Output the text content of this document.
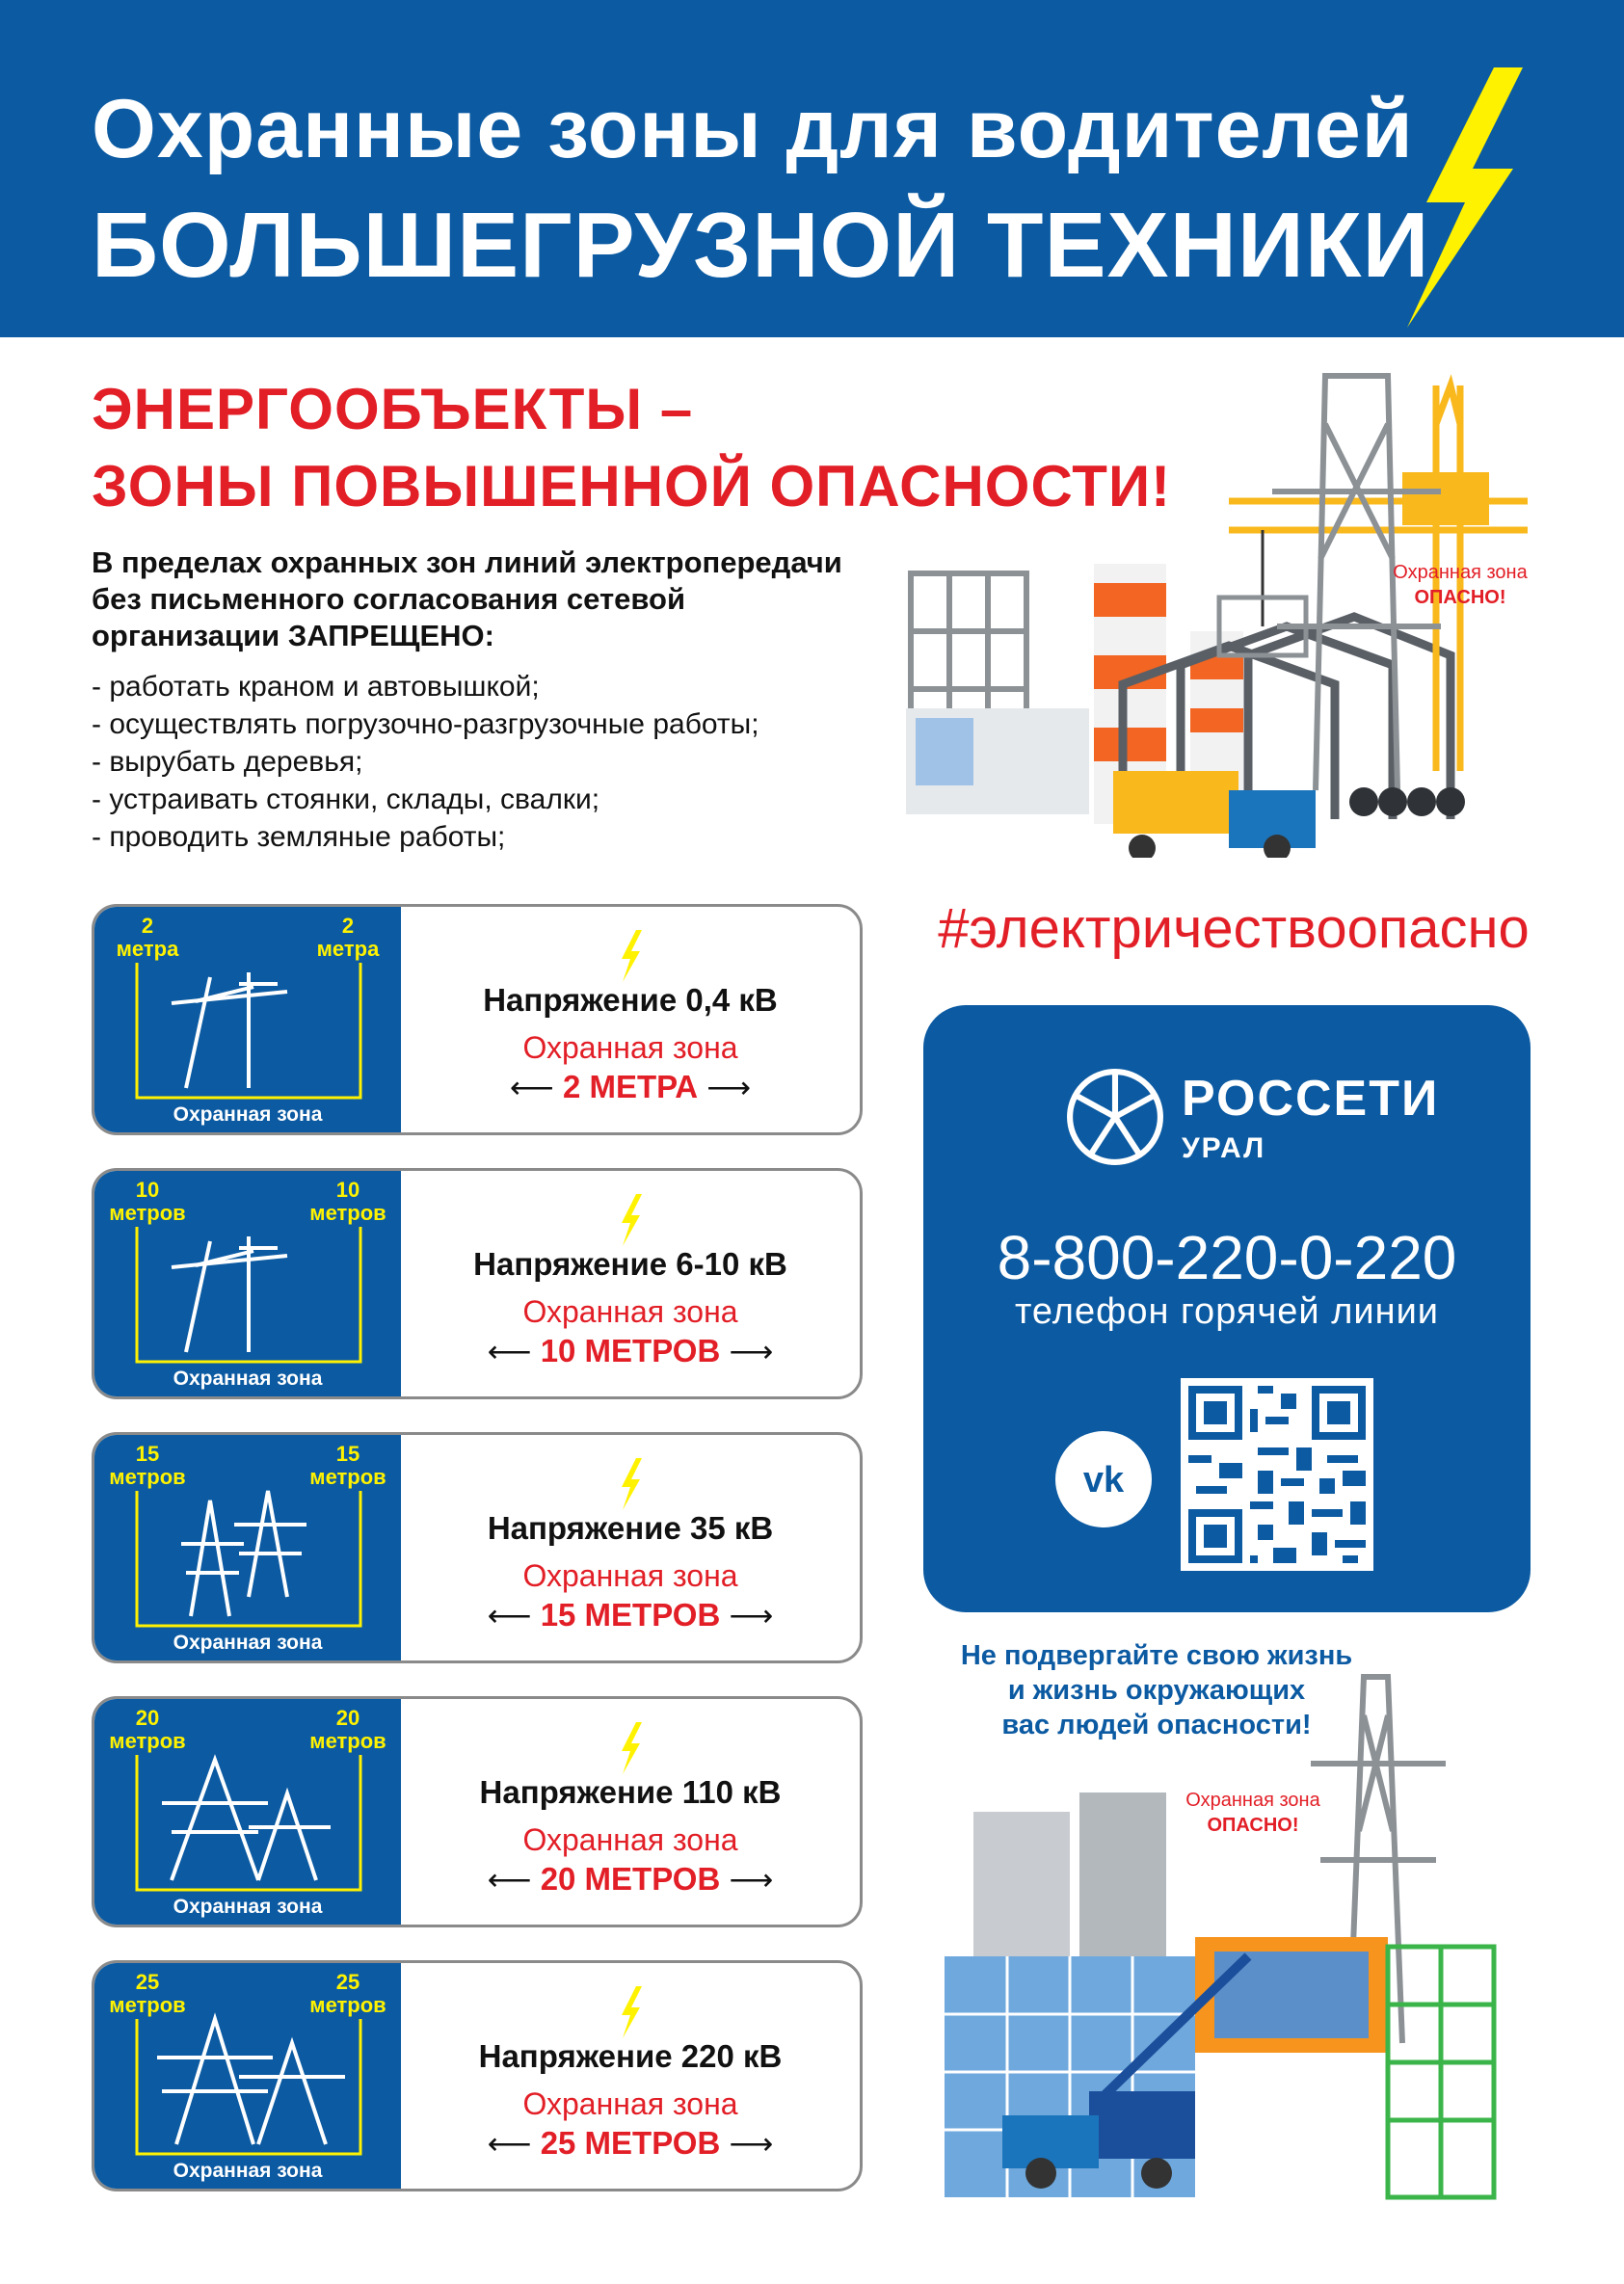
Охранные зоны для водителей
БОЛЬШЕГРУЗНОЙ ТЕХНИКИ
ЭНЕРГООБЪЕКТЫ –
ЗОНЫ ПОВЫШЕННОЙ ОПАСНОСТИ!
В пределах охранных зон линий электропередачи
без письменного согласования сетевой
организации ЗАПРЕЩЕНО:
- работать краном и автовышкой;
- осуществлять погрузочно-разгрузочные работы;
- вырубать деревья;
- устраивать стоянки, склады, свалки;
- проводить земляные работы;
Охранная зона
ОПАСНО!
2
метра
2
метра
Охранная зона
Напряжение 0,4 кВ
Охранная зона
⟵ 2 МЕТРА ⟶
10
метров
10
метров
Охранная зона
Напряжение 6-10 кВ
Охранная зона
⟵ 10 МЕТРОВ ⟶
15
метров
15
метров
Охранная зона
Напряжение 35 кВ
Охранная зона
⟵ 15 МЕТРОВ ⟶
20
метров
20
метров
Охранная зона
Напряжение 110 кВ
Охранная зона
⟵ 20 МЕТРОВ ⟶
25
метров
25
метров
Охранная зона
Напряжение 220 кВ
Охранная зона
⟵ 25 МЕТРОВ ⟶
#электричествоопасно
РОССЕТИ
УРАЛ
8-800-220-0-220
телефон горячей линии
vk
Не подвергайте свою жизнь
и жизнь окружающих
вас людей опасности!
Охранная зона
ОПАСНО!
